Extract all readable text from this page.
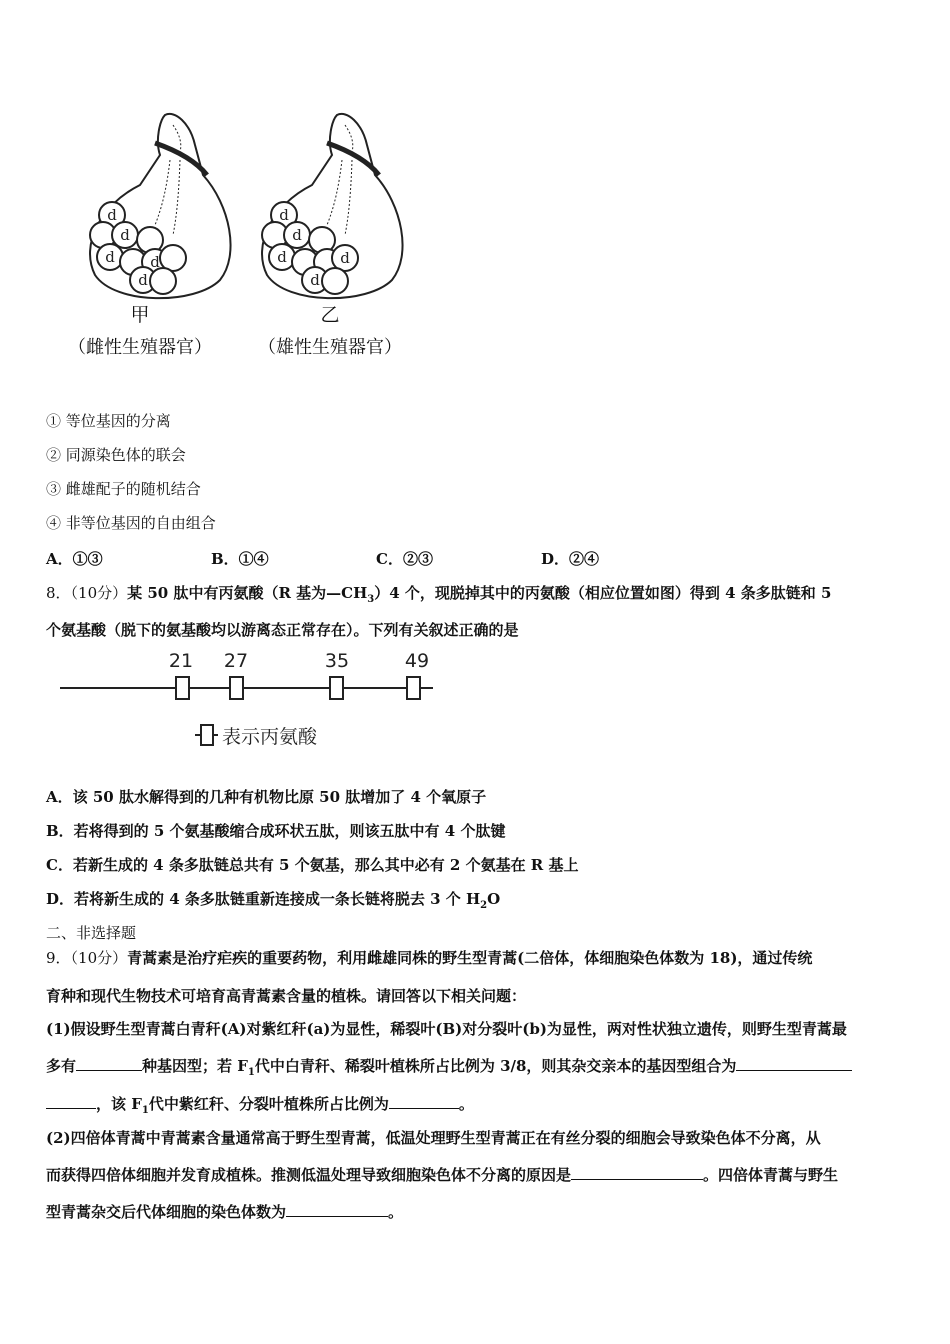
d
d
d d
d
d
d
d	d
d
甲
（雌性生殖器官）
乙
（雄性生殖器官）
① 等位基因的分离
② 同源染色体的联会
③ 雌雄配子的随机结合
④ 非等位基因的自由组合
A．①③	B．①④	C．②③	D．②④
8．（10分）某 50 肽中有丙氨酸（R 基为$—CH_3)4$ 个，现脱掉其中的丙氨酸（相应位置如图）得到 4 条多肽链和 5
个氨基酸（脱下的氨基酸均以游离态正常存在）。下列有关叙述正确的是
21 27	35	49
表示丙氨酸
A．该 50 肽水解得到的几种有机物比原 50 肽增加了 4 个氧原子
B．若将得到的 5 个氨基酸缩合成环状五肽，则该五肽中有 4 个肽键
C．若新生成的 4 条多肽链总共有 5 个氨基，那么其中必有 2 个氨基在 R 基上
D．若将新生成的 4 条多肽链重新连接成一条长链将脱去 3 个 $H_2O$
二、非选择题
9．（10分）青蒿素是治疗疟疾的重要药物，利用雌雄同株的野生型青蒿(二倍体，体细胞染色体数为 18)，通过传统
育种和现代生物技术可培育高青蒿素含量的植株。请回答以下相关问题：
(1)假设野生型青蒿白青秆(A)对紫红秆(a)为显性，稀裂叶(B)对分裂叶(b)为显性，两对性状独立遗传，则野生型青蒿最
多有	种基因型；若 $F_1$代中白青秆、稀裂叶植株所占比例为 3/8，则其杂交亲本的基因型组合为
，该 $F_1$代中紫红秆、分裂叶植株所占比例为	。
(2)四倍体青蒿中青蒿素含量通常高于野生型青蒿，低温处理野生型青蒿正在有丝分裂的细胞会导致染色体不分离，从
而获得四倍体细胞并发育成植株。推测低温处理导致细胞染色体不分离的原因是	。四倍体青蒿与野生
型青蒿杂交后代体细胞的染色体数为	。
